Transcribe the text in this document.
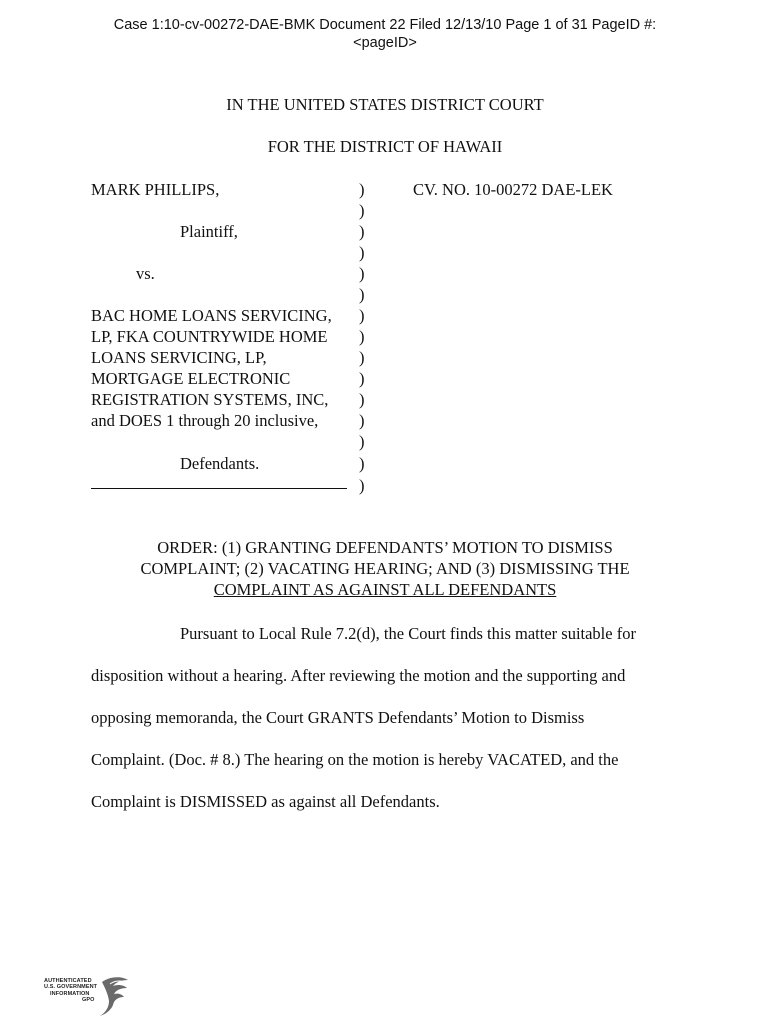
Case 1:10-cv-00272-DAE-BMK Document 22 Filed 12/13/10 Page 1 of 31 PageID #:
<pageID>
IN THE UNITED STATES DISTRICT COURT
FOR THE DISTRICT OF HAWAII
MARK PHILLIPS,
Plaintiff,
vs.
BAC HOME LOANS SERVICING,
LP, FKA COUNTRYWIDE HOME
LOANS SERVICING, LP,
MORTGAGE ELECTRONIC
REGISTRATION SYSTEMS, INC,
and DOES 1 through 20 inclusive,
Defendants.
)
)
)
)
)
)
)
)
)
)
)
)
)
)
)
CV. NO. 10-00272 DAE-LEK
ORDER: (1) GRANTING DEFENDANTS’ MOTION TO DISMISS
COMPLAINT; (2) VACATING HEARING; AND (3) DISMISSING THE
COMPLAINT AS AGAINST ALL DEFENDANTS
Pursuant to Local Rule 7.2(d), the Court finds this matter suitable for
disposition without a hearing. After reviewing the motion and the supporting and
opposing memoranda, the Court GRANTS Defendants’ Motion to Dismiss
Complaint. (Doc. # 8.) The hearing on the motion is hereby VACATED, and the
Complaint is DISMISSED as against all Defendants.
AUTHENTICATED
U.S. GOVERNMENT
INFORMATION
GPO
